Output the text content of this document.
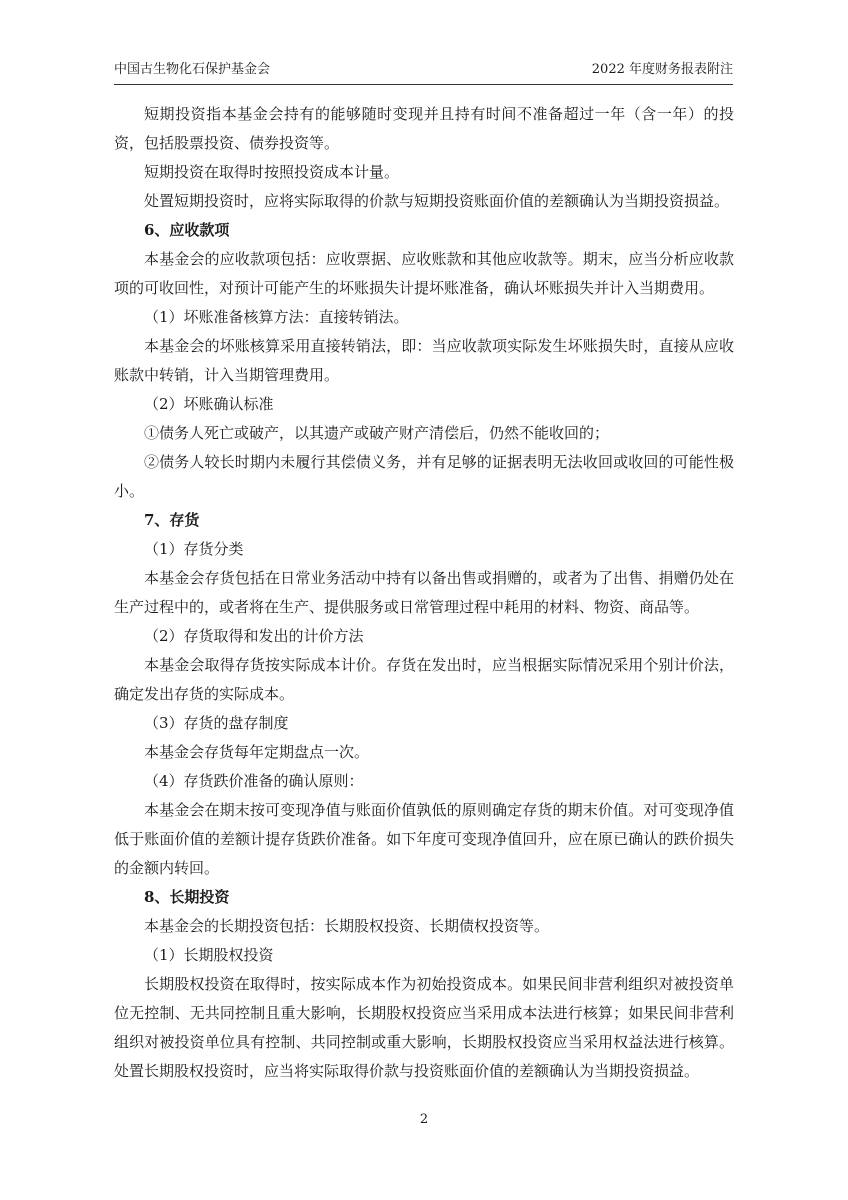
中国古生物化石保护基金会	2022 年度财务报表附注

短期投资指本基金会持有的能够随时变现并且持有时间不准备超过一年（含一年）的投资，包括股票投资、债券投资等。

短期投资在取得时按照投资成本计量。

处置短期投资时，应将实际取得的价款与短期投资账面价值的差额确认为当期投资损益。

6、应收款项

本基金会的应收款项包括：应收票据、应收账款和其他应收款等。期末，应当分析应收款项的可收回性，对预计可能产生的坏账损失计提坏账准备，确认坏账损失并计入当期费用。

（1）坏账准备核算方法：直接转销法。

本基金会的坏账核算采用直接转销法，即：当应收款项实际发生坏账损失时，直接从应收账款中转销，计入当期管理费用。

（2）坏账确认标准

①债务人死亡或破产，以其遗产或破产财产清偿后，仍然不能收回的；

②债务人较长时期内未履行其偿债义务，并有足够的证据表明无法收回或收回的可能性极小。

7、存货

（1）存货分类

本基金会存货包括在日常业务活动中持有以备出售或捐赠的，或者为了出售、捐赠仍处在生产过程中的，或者将在生产、提供服务或日常管理过程中耗用的材料、物资、商品等。

（2）存货取得和发出的计价方法

本基金会取得存货按实际成本计价。存货在发出时，应当根据实际情况采用个别计价法，确定发出存货的实际成本。

（3）存货的盘存制度

本基金会存货每年定期盘点一次。

（4）存货跌价准备的确认原则：

本基金会在期末按可变现净值与账面价值孰低的原则确定存货的期末价值。对可变现净值低于账面价值的差额计提存货跌价准备。如下年度可变现净值回升，应在原已确认的跌价损失的金额内转回。

8、长期投资

本基金会的长期投资包括：长期股权投资、长期债权投资等。

（1）长期股权投资

长期股权投资在取得时，按实际成本作为初始投资成本。如果民间非营利组织对被投资单位无控制、无共同控制且重大影响，长期股权投资应当采用成本法进行核算；如果民间非营利组织对被投资单位具有控制、共同控制或重大影响，长期股权投资应当采用权益法进行核算。处置长期股权投资时，应当将实际取得价款与投资账面价值的差额确认为当期投资损益。

2
